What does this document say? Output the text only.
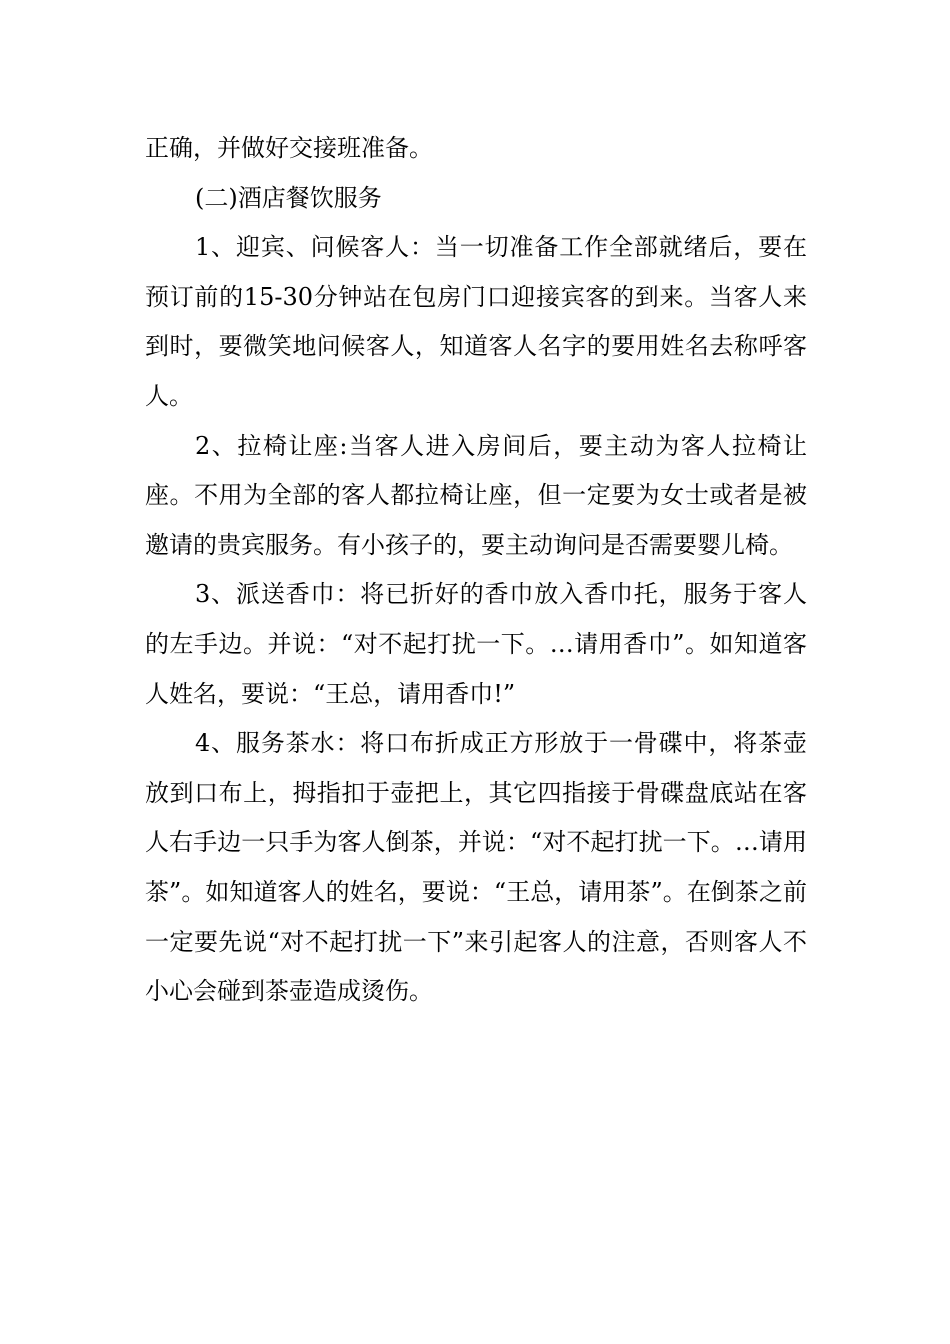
正确，并做好交接班准备。

(二)酒店餐饮服务

1、迎宾、问候客人：当一切准备工作全部就绪后，要在预订前的15-30分钟站在包房门口迎接宾客的到来。当客人来到时，要微笑地问候客人，知道客人名字的要用姓名去称呼客人。

2、拉椅让座:当客人进入房间后，要主动为客人拉椅让座。不用为全部的客人都拉椅让座，但一定要为女士或者是被邀请的贵宾服务。有小孩子的，要主动询问是否需要婴儿椅。

3、派送香巾：将已折好的香巾放入香巾托，服务于客人的左手边。并说：“对不起打扰一下。…请用香巾”。如知道客人姓名，要说：“王总，请用香巾!”

4、服务茶水：将口布折成正方形放于一骨碟中，将茶壶放到口布上，拇指扣于壶把上，其它四指接于骨碟盘底站在客人右手边一只手为客人倒茶，并说：“对不起打扰一下。…请用茶”。如知道客人的姓名，要说：“王总，请用茶”。在倒茶之前一定要先说“对不起打扰一下”来引起客人的注意，否则客人不小心会碰到茶壶造成烫伤。
